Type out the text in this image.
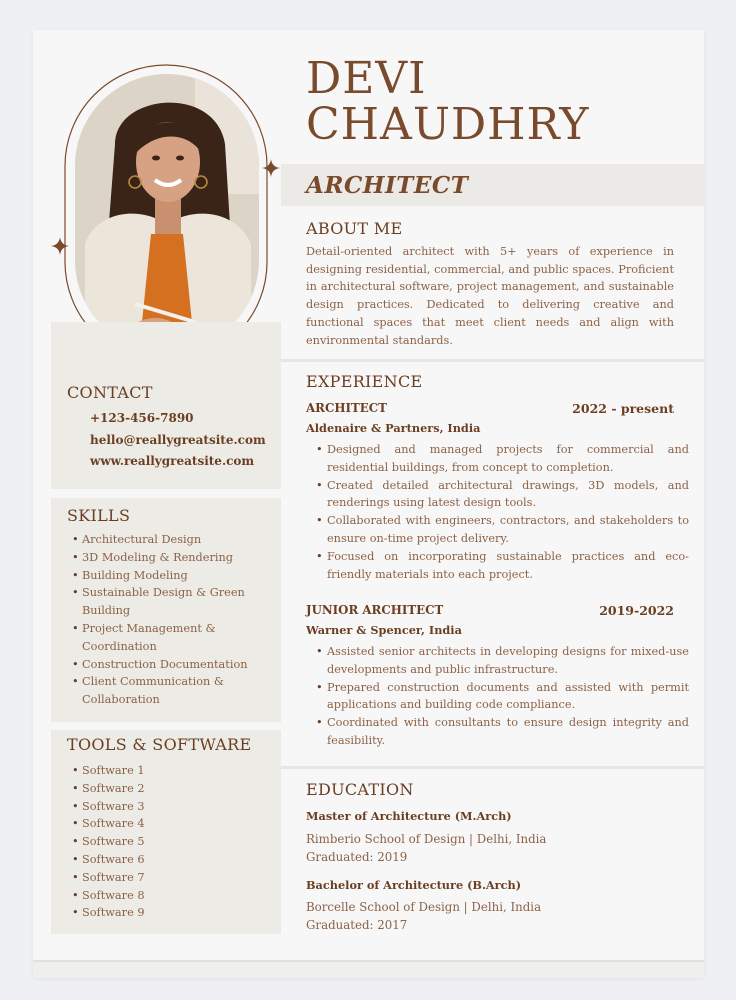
CONTACT
+123-456-7890
hello@reallygreatsite.com
www.reallygreatsite.com
SKILLS
• Architectural Design
• 3D Modeling & Rendering
• Building Modeling
• Sustainable Design & Green Building
• Project Management & Coordination
• Construction Documentation
• Client Communication & Collaboration
TOOLS & SOFTWARE
• Software 1
• Software 2
• Software 3
• Software 4
• Software 5
• Software 6
• Software 7
• Software 8
• Software 9
DEVI
CHAUDHRY
ARCHITECT
ABOUT ME
Detail-oriented architect with 5+ years of experience in designing residential, commercial, and public spaces. Proficient in architectural software, project management, and sustainable design practices. Dedicated to delivering creative and functional spaces that meet client needs and align with environmental standards.
EXPERIENCE
ARCHITECT	2022 - present
Aldenaire & Partners, India
• Designed and managed projects for commercial and residential buildings, from concept to completion.
• Created detailed architectural drawings, 3D models, and renderings using latest design tools.
• Collaborated with engineers, contractors, and stakeholders to ensure on-time project delivery.
• Focused on incorporating sustainable practices and eco-friendly materials into each project.
JUNIOR ARCHITECT	2019-2022
Warner & Spencer, India
• Assisted senior architects in developing designs for mixed-use developments and public infrastructure.
• Prepared construction documents and assisted with permit applications and building code compliance.
• Coordinated with consultants to ensure design integrity and feasibility.
EDUCATION
Master of Architecture (M.Arch)
Rimberio School of Design | Delhi, India
Graduated: 2019
Bachelor of Architecture (B.Arch)
Borcelle School of Design | Delhi, India
Graduated: 2017
